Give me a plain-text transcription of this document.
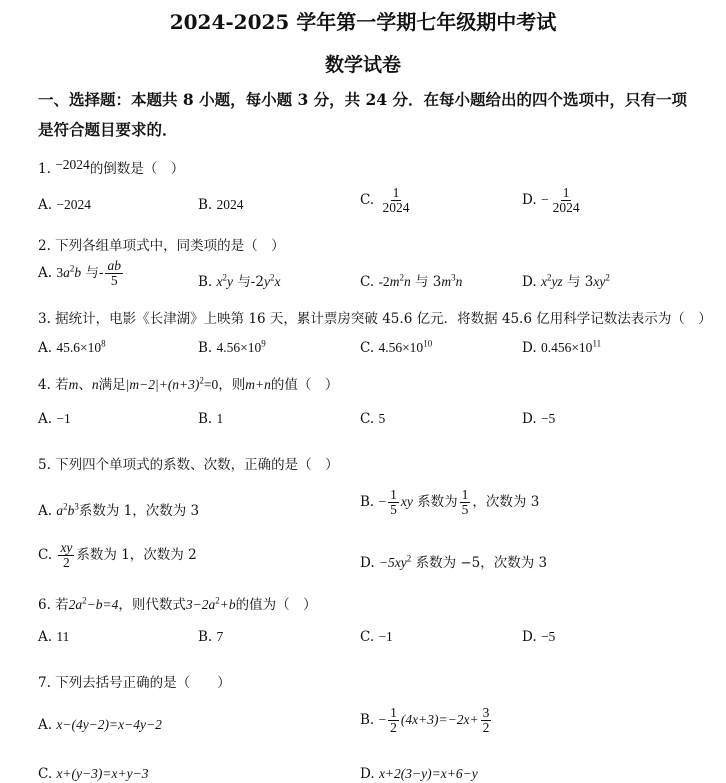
2024-2025 学年第一学期七年级期中考试
数学试卷
一、选择题：本题共 8 小题，每小题 3 分，共 24 分．在每小题给出的四个选项中，只有一项
是符合题目要求的．
1. −2024的倒数是（　）
A. −2024	B. 2024	C. $\frac{1}{2024}$	D. − $\frac{1}{2024}$
2. 下列各组单项式中，同类项的是（　）
A. $3a^2b$ 与- $\frac{ab}{5}$	B. $x^2y$ 与$-2y^2x$	C. $-2m^2n$ 与 $3m^3n$	D. $x^2yz$ 与 $3xy^2$
3. 据统计，电影《长津湖》上映第 16 天，累计票房突破 45.6 亿元．将数据 45.6 亿用科学记数法表示为（　）
A. $45.6\times 10^8$	B. $4.56\times 10^9$	C. $4.56\times 10^{10}$	D. $0.456\times 10^{11}$
4. 若m、n满足$|m-2|+(n+3)^2=0$，则m+n的值（　）
A. −1	B. 1	C. 5	D. −5
5. 下列四个单项式的系数、次数，正确的是（　）
A. $a^2b^3$系数为 1，次数为 3
B. − $\frac{1}{5}$ xy 系数为 $\frac{1}{5}$ ，次数为 3
C. $\frac{xy}{2}$ 系数为 1，次数为 2	D. $-5xy^2$ 系数为 −5，次数为 3
6. 若$2a^2-b=4$，则代数式$3-2a^2+b$的值为（　）
A. 11	B. 7	C. −1	D. −5
7. 下列去括号正确的是（　　）
A. x−(4y−2)=x−4y−2	B. − $\frac{1}{2} (4x+3)=-2x+ \frac{3}{2}$
C. x+(y−3)=x+y−3	D. x+2(3−y)=x+6−y
